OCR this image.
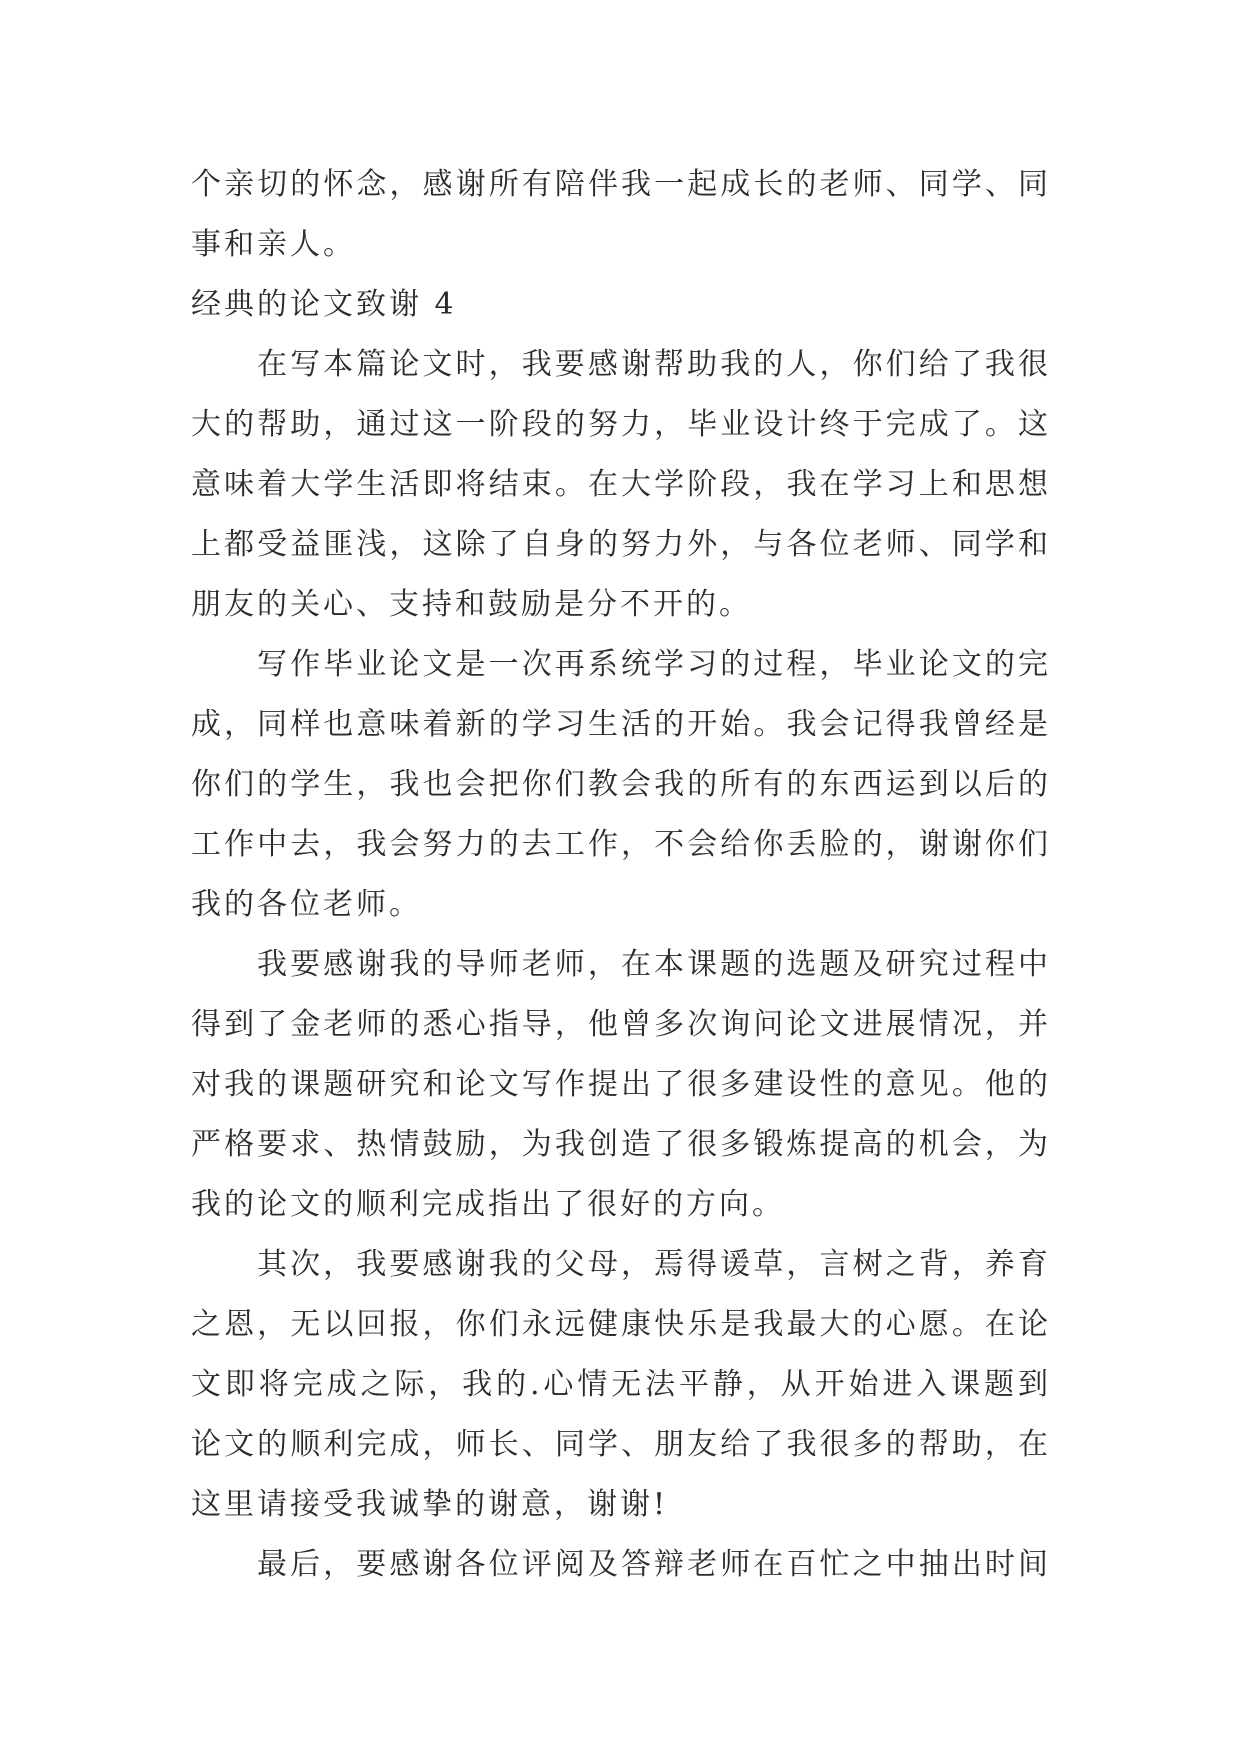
个亲切的怀念，感谢所有陪伴我一起成长的老师、同学、同
事和亲人。
经典的论文致谢 4
在写本篇论文时，我要感谢帮助我的人，你们给了我很
大的帮助，通过这一阶段的努力，毕业设计终于完成了。这
意味着大学生活即将结束。在大学阶段，我在学习上和思想
上都受益匪浅，这除了自身的努力外，与各位老师、同学和
朋友的关心、支持和鼓励是分不开的。
写作毕业论文是一次再系统学习的过程，毕业论文的完
成，同样也意味着新的学习生活的开始。我会记得我曾经是
你们的学生，我也会把你们教会我的所有的东西运到以后的
工作中去，我会努力的去工作，不会给你丢脸的，谢谢你们
我的各位老师。
我要感谢我的导师老师，在本课题的选题及研究过程中
得到了金老师的悉心指导，他曾多次询问论文进展情况，并
对我的课题研究和论文写作提出了很多建设性的意见。他的
严格要求、热情鼓励，为我创造了很多锻炼提高的机会，为
我的论文的顺利完成指出了很好的方向。
其次，我要感谢我的父母，焉得谖草，言树之背，养育
之恩，无以回报，你们永远健康快乐是我最大的心愿。在论
文即将完成之际，我的.心情无法平静，从开始进入课题到
论文的顺利完成，师长、同学、朋友给了我很多的帮助，在
这里请接受我诚挚的谢意，谢谢!
最后，要感谢各位评阅及答辩老师在百忙之中抽出时间
